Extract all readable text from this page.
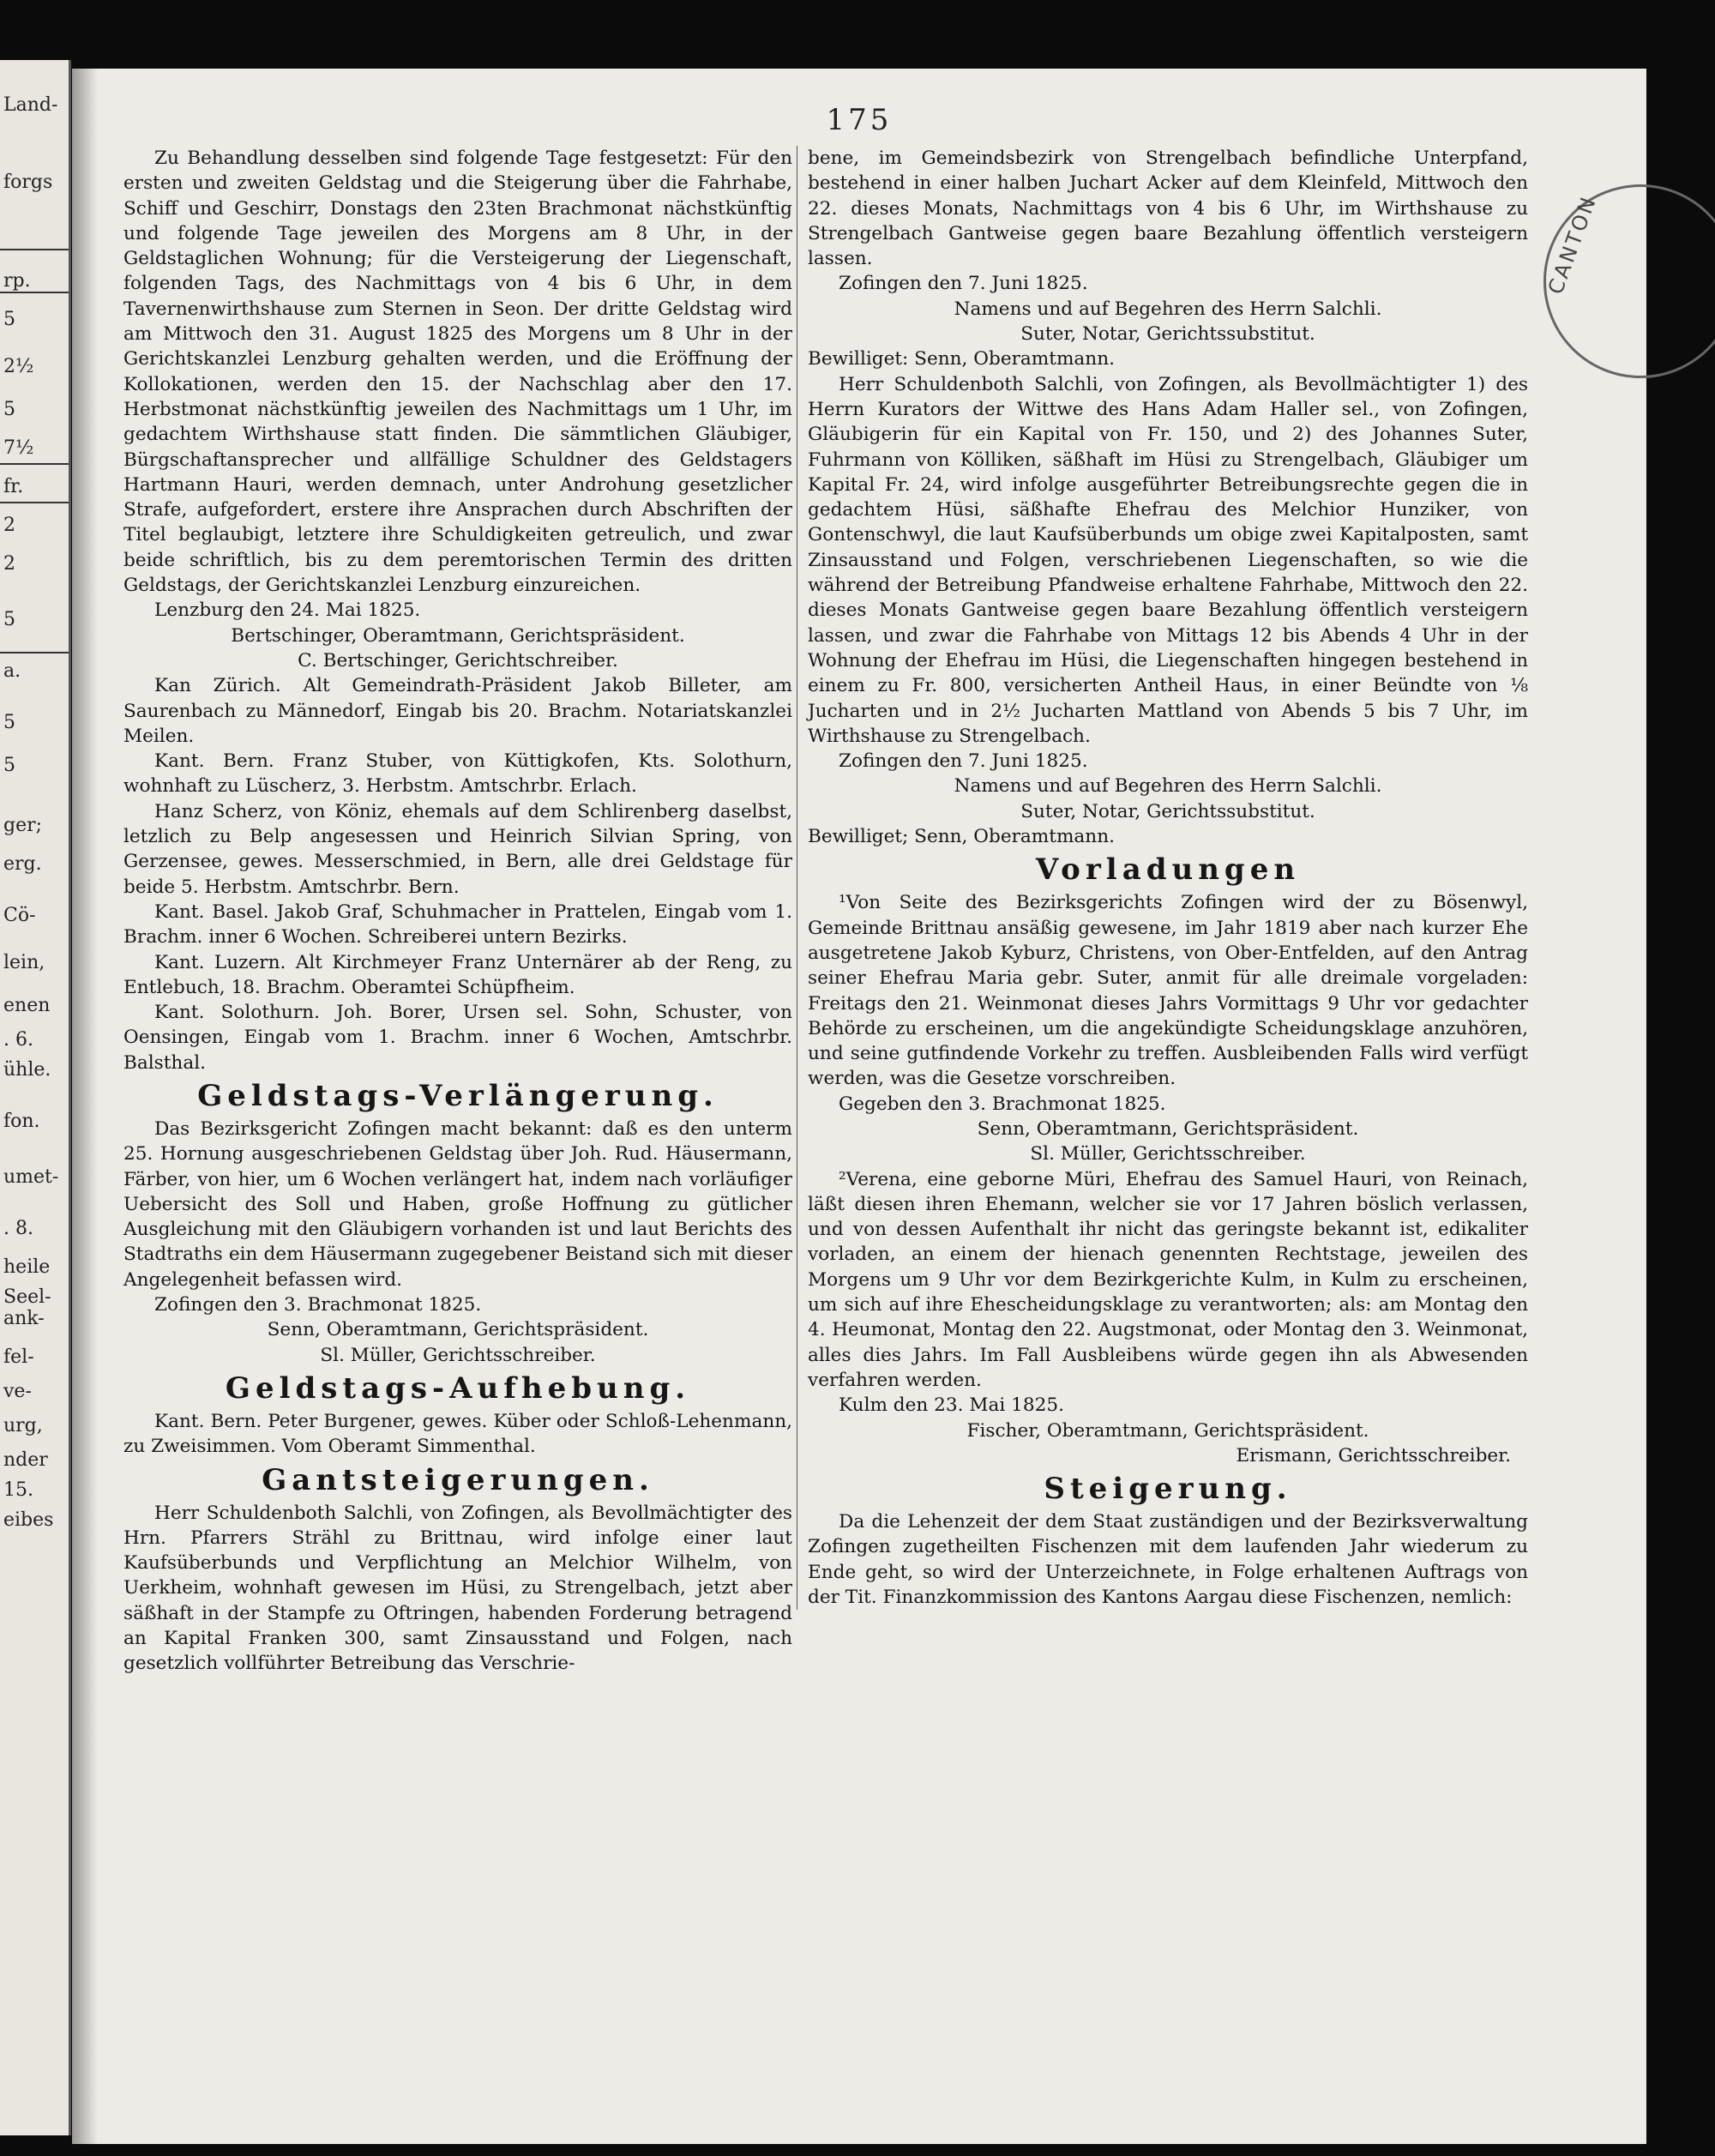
Land-
forgs
rp.
5
2½
5
7½
fr.
2
2
5
a.
5
5
ger;
erg.
Cö-
lein,
enen
. 6.
ühle.
fon.
umet-
. 8.
heile
Seel-
ank-
fel-
ve-
urg,
nder
15.
eibes
175

Zu Behandlung desselben sind folgende Tage festgesetzt: Für den ersten und zweiten Geldstag und die Steigerung über die Fahrhabe, Schiff und Geschirr, Donstags den 23ten Brachmonat nächstkünftig und folgende Tage jeweilen des Morgens am 8 Uhr, in der Geldstaglichen Wohnung; für die Versteigerung der Liegenschaft, folgenden Tags, des Nachmittags von 4 bis 6 Uhr, in dem Tavernenwirthshause zum Sternen in Seon. Der dritte Geldstag wird am Mittwoch den 31. August 1825 des Morgens um 8 Uhr in der Gerichtskanzlei Lenzburg gehalten werden, und die Eröffnung der Kollokationen, werden den 15. der Nachschlag aber den 17. Herbstmonat nächstkünftig jeweilen des Nachmittags um 1 Uhr, im gedachtem Wirthshause statt finden. Die sämmtlichen Gläubiger, Bürgschaftansprecher und allfällige Schuldner des Geldstagers Hartmann Hauri, werden demnach, unter Androhung gesetzlicher Strafe, aufgefordert, erstere ihre Ansprachen durch Abschriften der Titel beglaubigt, letztere ihre Schuldigkeiten getreulich, und zwar beide schriftlich, bis zu dem peremtorischen Termin des dritten Geldstags, der Gerichtskanzlei Lenzburg einzureichen.

Lenzburg den 24. Mai 1825.

Bertschinger, Oberamtmann, Gerichtspräsident.

C. Bertschinger, Gerichtschreiber.

Kan Zürich. Alt Gemeindrath-Präsident Jakob Billeter, am Saurenbach zu Männedorf, Eingab bis 20. Brachm. Notariatskanzlei Meilen.

Kant. Bern. Franz Stuber, von Küttigkofen, Kts. Solothurn, wohnhaft zu Lüscherz, 3. Herbstm. Amtschrbr. Erlach.

Hanz Scherz, von Köniz, ehemals auf dem Schlirenberg daselbst, letzlich zu Belp angesessen und Heinrich Silvian Spring, von Gerzensee, gewes. Messerschmied, in Bern, alle drei Geldstage für beide 5. Herbstm. Amtschrbr. Bern.

Kant. Basel. Jakob Graf, Schuhmacher in Prattelen, Eingab vom 1. Brachm. inner 6 Wochen. Schreiberei untern Bezirks.

Kant. Luzern. Alt Kirchmeyer Franz Unternärer ab der Reng, zu Entlebuch, 18. Brachm. Oberamtei Schüpfheim.

Kant. Solothurn. Joh. Borer, Ursen sel. Sohn, Schuster, von Oensingen, Eingab vom 1. Brachm. inner 6 Wochen, Amtschrbr. Balsthal.

Geldstags-Verlängerung.

Das Bezirksgericht Zofingen macht bekannt: daß es den unterm 25. Hornung ausgeschriebenen Geldstag über Joh. Rud. Häusermann, Färber, von hier, um 6 Wochen verlängert hat, indem nach vorläufiger Uebersicht des Soll und Haben, große Hoffnung zu gütlicher Ausgleichung mit den Gläubigern vorhanden ist und laut Berichts des Stadtraths ein dem Häusermann zugegebener Beistand sich mit dieser Angelegenheit befassen wird.

Zofingen den 3. Brachmonat 1825.

Senn, Oberamtmann, Gerichtspräsident.

Sl. Müller, Gerichtsschreiber.

Geldstags-Aufhebung.

Kant. Bern. Peter Burgener, gewes. Küber oder Schloß-Lehenmann, zu Zweisimmen. Vom Oberamt Simmenthal.

Gantsteigerungen.

Herr Schuldenboth Salchli, von Zofingen, als Bevollmächtigter des Hrn. Pfarrers Strähl zu Brittnau, wird infolge einer laut Kaufsüberbunds und Verpflichtung an Melchior Wilhelm, von Uerkheim, wohnhaft gewesen im Hüsi, zu Strengelbach, jetzt aber säßhaft in der Stampfe zu Oftringen, habenden Forderung betragend an Kapital Franken 300, samt Zinsausstand und Folgen, nach gesetzlich vollführter Betreibung das Verschrie-

bene, im Gemeindsbezirk von Strengelbach befindliche Unterpfand, bestehend in einer halben Juchart Acker auf dem Kleinfeld, Mittwoch den 22. dieses Monats, Nachmittags von 4 bis 6 Uhr, im Wirthshause zu Strengelbach Gantweise gegen baare Bezahlung öffentlich versteigern lassen.

Zofingen den 7. Juni 1825.

Namens und auf Begehren des Herrn Salchli.

Suter, Notar, Gerichtssubstitut.

Bewilliget: Senn, Oberamtmann.

Herr Schuldenboth Salchli, von Zofingen, als Bevollmächtigter 1) des Herrn Kurators der Wittwe des Hans Adam Haller sel., von Zofingen, Gläubigerin für ein Kapital von Fr. 150, und 2) des Johannes Suter, Fuhrmann von Kölliken, säßhaft im Hüsi zu Strengelbach, Gläubiger um Kapital Fr. 24, wird infolge ausgeführter Betreibungsrechte gegen die in gedachtem Hüsi, säßhafte Ehefrau des Melchior Hunziker, von Gontenschwyl, die laut Kaufsüberbunds um obige zwei Kapitalposten, samt Zinsausstand und Folgen, verschriebenen Liegenschaften, so wie die während der Betreibung Pfandweise erhaltene Fahrhabe, Mittwoch den 22. dieses Monats Gantweise gegen baare Bezahlung öffentlich versteigern lassen, und zwar die Fahrhabe von Mittags 12 bis Abends 4 Uhr in der Wohnung der Ehefrau im Hüsi, die Liegenschaften hingegen bestehend in einem zu Fr. 800, versicherten Antheil Haus, in einer Beündte von ⅛ Jucharten und in 2½ Jucharten Mattland von Abends 5 bis 7 Uhr, im Wirthshause zu Strengelbach.

Zofingen den 7. Juni 1825.

Namens und auf Begehren des Herrn Salchli.

Suter, Notar, Gerichtssubstitut.

Bewilliget; Senn, Oberamtmann.

Vorladungen

¹Von Seite des Bezirksgerichts Zofingen wird der zu Bösenwyl, Gemeinde Brittnau ansäßig gewesene, im Jahr 1819 aber nach kurzer Ehe ausgetretene Jakob Kyburz, Christens, von Ober-Entfelden, auf den Antrag seiner Ehefrau Maria gebr. Suter, anmit für alle dreimale vorgeladen: Freitags den 21. Weinmonat dieses Jahrs Vormittags 9 Uhr vor gedachter Behörde zu erscheinen, um die angekündigte Scheidungsklage anzuhören, und seine gutfindende Vorkehr zu treffen. Ausbleibenden Falls wird verfügt werden, was die Gesetze vorschreiben.

Gegeben den 3. Brachmonat 1825.

Senn, Oberamtmann, Gerichtspräsident.

Sl. Müller, Gerichtsschreiber.

²Verena, eine geborne Müri, Ehefrau des Samuel Hauri, von Reinach, läßt diesen ihren Ehemann, welcher sie vor 17 Jahren böslich verlassen, und von dessen Aufenthalt ihr nicht das geringste bekannt ist, edikaliter vorladen, an einem der hienach genennten Rechtstage, jeweilen des Morgens um 9 Uhr vor dem Bezirkgerichte Kulm, in Kulm zu erscheinen, um sich auf ihre Ehescheidungsklage zu verantworten; als: am Montag den 4. Heumonat, Montag den 22. Augstmonat, oder Montag den 3. Weinmonat, alles dies Jahrs. Im Fall Ausbleibens würde gegen ihn als Abwesenden verfahren werden.

Kulm den 23. Mai 1825.

Fischer, Oberamtmann, Gerichtspräsident.

Erismann, Gerichtsschreiber.

Steigerung.

Da die Lehenzeit der dem Staat zuständigen und der Bezirksverwaltung Zofingen zugetheilten Fischenzen mit dem laufenden Jahr wiederum zu Ende geht, so wird der Unterzeichnete, in Folge erhaltenen Auftrags von der Tit. Finanzkommission des Kantons Aargau diese Fischenzen, nemlich:

CANTON
